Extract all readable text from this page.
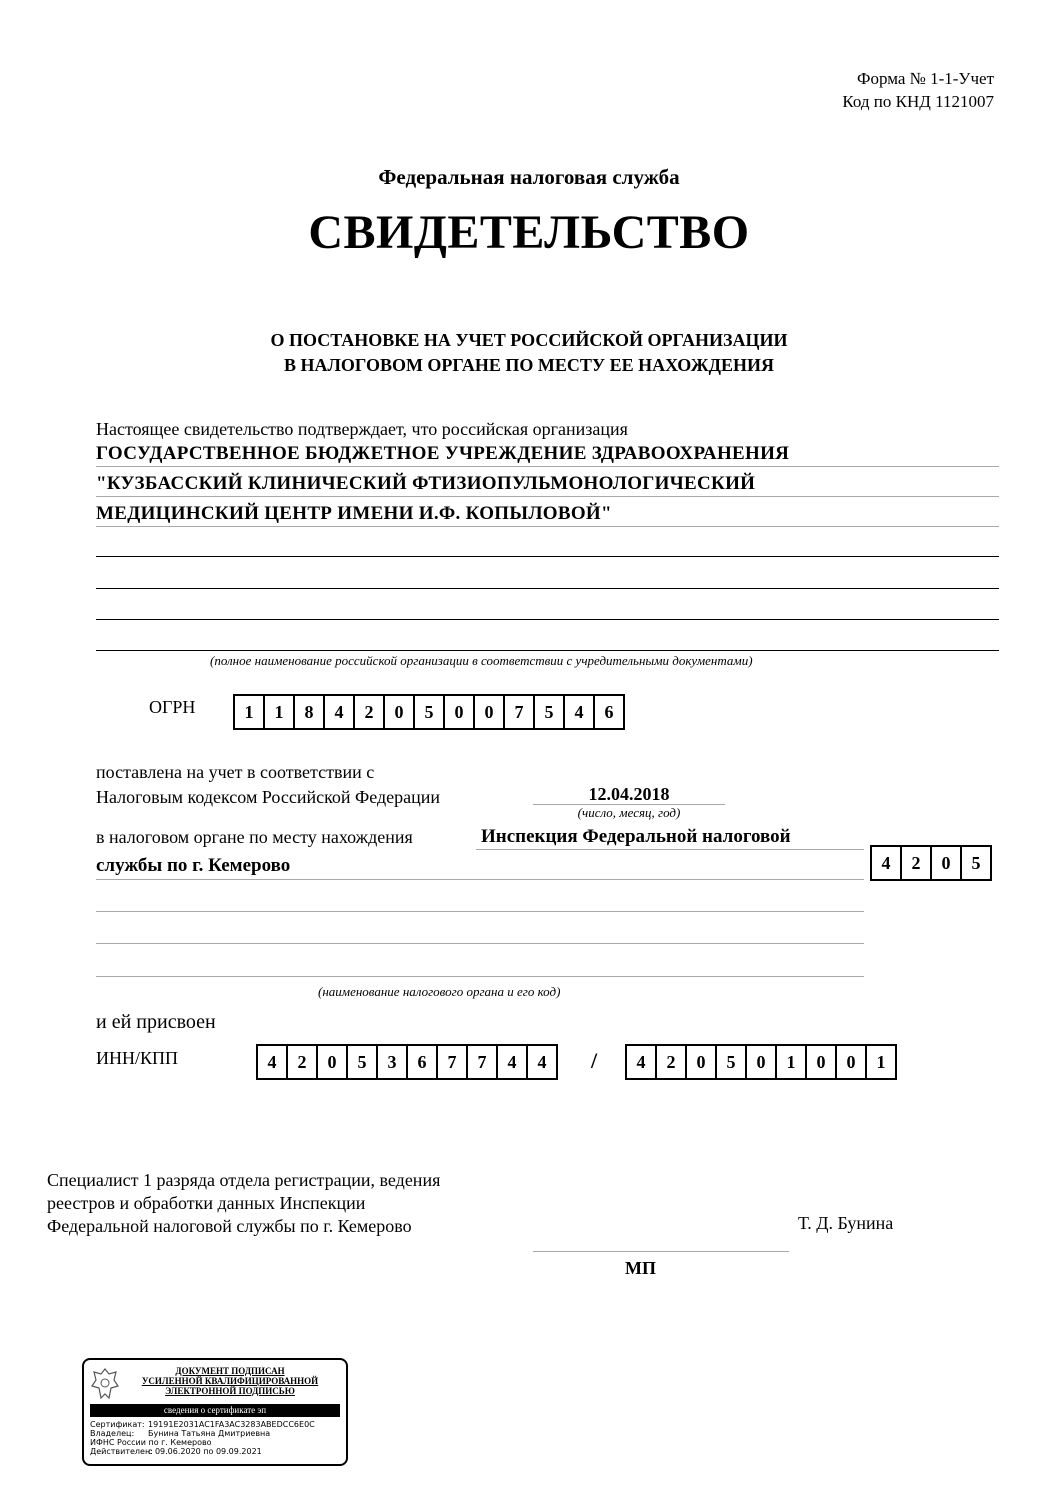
Форма № 1-1-Учет
Код по КНД 1121007
Федеральная налоговая служба
СВИДЕТЕЛЬСТВО
О ПОСТАНОВКЕ НА УЧЕТ РОССИЙСКОЙ ОРГАНИЗАЦИИ
В НАЛОГОВОМ ОРГАНЕ ПО МЕСТУ ЕЕ НАХОЖДЕНИЯ
Настоящее свидетельство подтверждает, что российская организация
ГОСУДАРСТВЕННОЕ БЮДЖЕТНОЕ УЧРЕЖДЕНИЕ ЗДРАВООХРАНЕНИЯ
"КУЗБАССКИЙ КЛИНИЧЕСКИЙ ФТИЗИОПУЛЬМОНОЛОГИЧЕСКИЙ
МЕДИЦИНСКИЙ ЦЕНТР ИМЕНИ И.Ф. КОПЫЛОВОЙ"
(полное наименование российской организации в соответствии с учредительными документами)
ОГРН	1	1	8	4	2	0	5	0	0	7	5	4	6
поставлена на учет в соответствии с
Налоговым кодексом Российской Федерации	12.04.2018
(число, месяц, год)
в налоговом органе по месту нахождения	Инспекция Федеральной налоговой
службы по г. Кемерово	4	2	0	5
(наименование налогового органа и его код)
и ей присвоен
ИНН/КПП	4	2	0	5	3	6	7	7	4	4	/	4	2	0	5	0	1	0	0	1
Специалист 1 разряда отдела регистрации, ведения
реестров и обработки данных Инспекции
Федеральной налоговой службы по г. Кемерово	Т. Д. Бунина
МП
ДОКУМЕНТ ПОДПИСАН
УСИЛЕННОЙ КВАЛИФИЦИРОВАННОЙ
ЭЛЕКТРОННОЙ ПОДПИСЬЮ
сведения о сертификате эп
Сертификат: 19191E2031AC1FA3AC3283ABEDCC6E0C
Владелец:	Бунина Татьяна Дмитриевна
ИФНС России по г. Кемерово
Действителен:
с 09.06.2020 по 09.09.2021
